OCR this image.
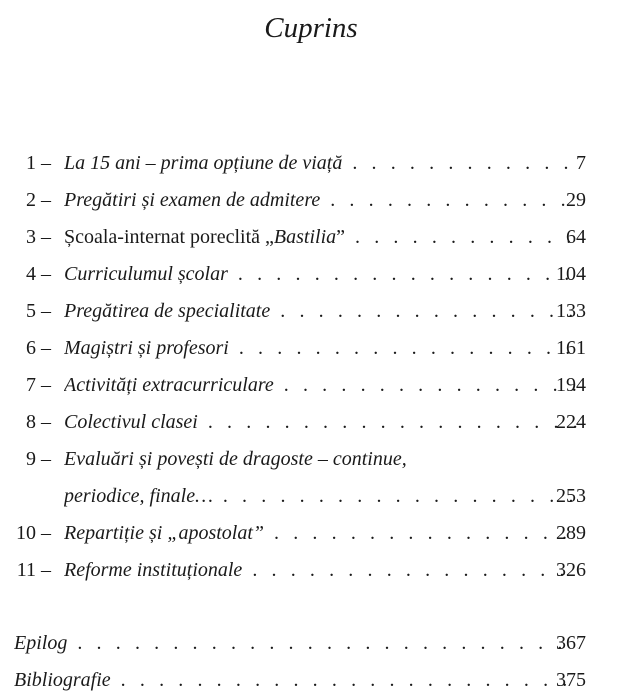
Cuprins
1 – La 15 ani – prima opțiune de viață . . .	7
2 – Pregătiri și examen de admitere . . .	29
3 – Școala-internat poreclită „Bastilia” . . .	64
4 – Curriculumul școlar . . .	104
5 – Pregătirea de specialitate . . .	133
6 – Magiștri și profesori . . .	161
7 – Activități extracurriculare . . .	194
8 – Colectivul clasei . . .	224
9 – Evaluări și povești de dragoste – continue,
periodice, finale… . . .	253
10 – Repartiție și „apostolat” . . .	289
11 – Reforme instituționale . . .	326
Epilog . . .	367
Bibliografie . . .	375
